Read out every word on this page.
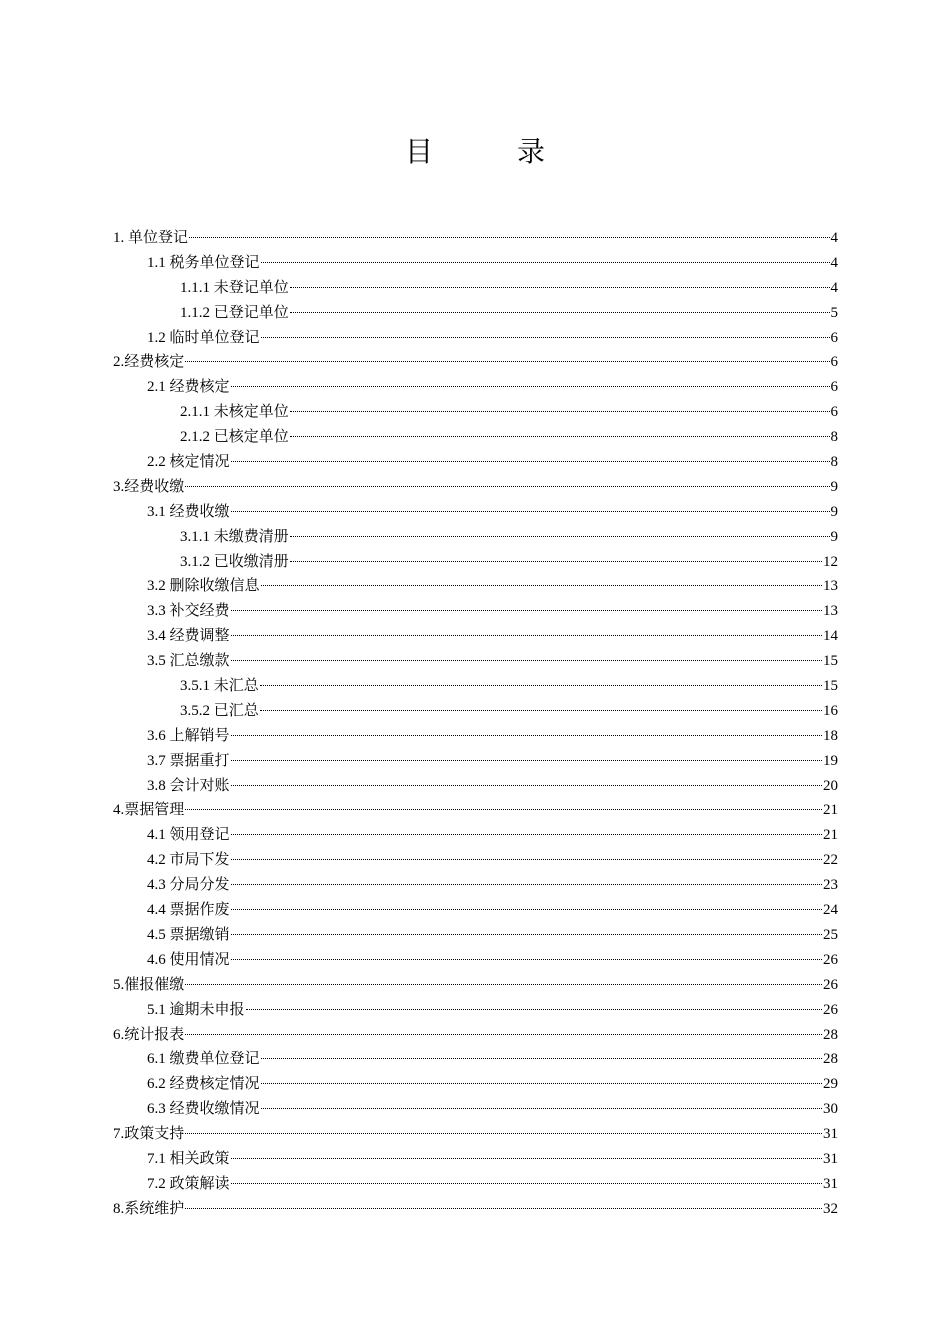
目　录
1. 单位登记	4
1.1 税务单位登记	4
1.1.1 未登记单位	4
1.1.2 已登记单位	5
1.2 临时单位登记	6
2.经费核定	6
2.1 经费核定	6
2.1.1 未核定单位	6
2.1.2 已核定单位	8
2.2 核定情况	8
3.经费收缴	9
3.1 经费收缴	9
3.1.1 未缴费清册	9
3.1.2 已收缴清册	12
3.2 删除收缴信息	13
3.3 补交经费	13
3.4 经费调整	14
3.5 汇总缴款	15
3.5.1 未汇总	15
3.5.2 已汇总	16
3.6 上解销号	18
3.7 票据重打	19
3.8 会计对账	20
4.票据管理	21
4.1 领用登记	21
4.2 市局下发	22
4.3 分局分发	23
4.4 票据作废	24
4.5 票据缴销	25
4.6 使用情况	26
5.催报催缴	26
5.1 逾期未申报	26
6.统计报表	28
6.1 缴费单位登记	28
6.2 经费核定情况	29
6.3 经费收缴情况	30
7.政策支持	31
7.1 相关政策	31
7.2 政策解读	31
8.系统维护	32
